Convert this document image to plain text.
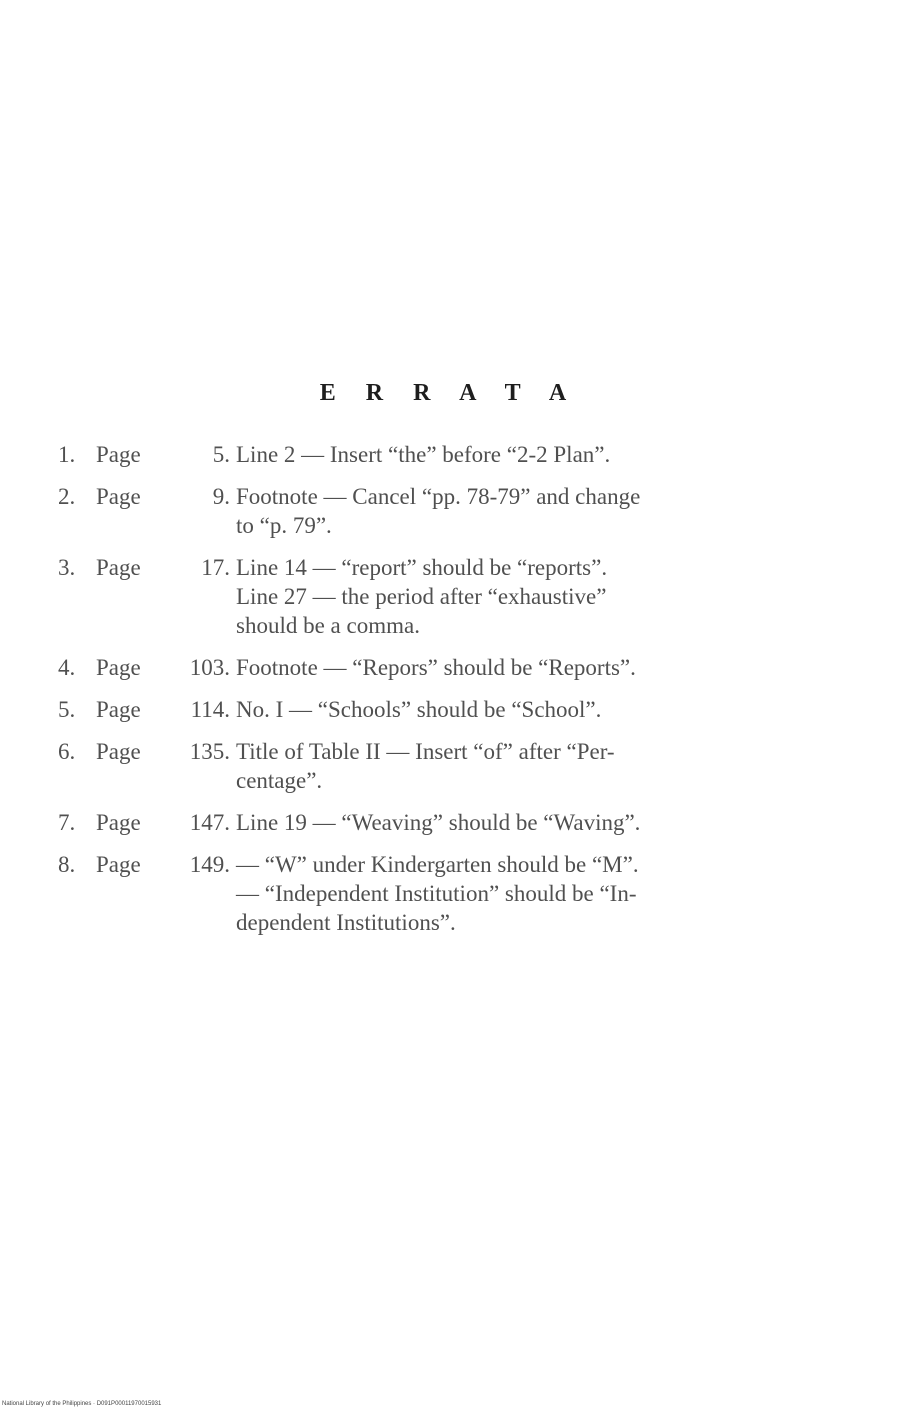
E R R A T A
1. Page	5. Line 2 — Insert “the” before “2-2 Plan”.
2. Page	9. Footnote — Cancel “pp. 78-79” and change
to “p. 79”.
3. Page	17. Line 14 — “report” should be “reports”.
Line 27 — the period after “exhaustive”
should be a comma.
4. Page	103. Footnote — “Repors” should be “Reports”.
5. Page	114. No. I — “Schools” should be “School”.
6. Page	135. Title of Table II — Insert “of” after “Per-
centage”.
7. Page	147. Line 19 — “Weaving” should be “Waving”.
8. Page	149. — “W” under Kindergarten should be “M”.
— “Independent Institution” should be “In-
dependent Institutions”.
National Library of the Philippines · D091P00011970015931
